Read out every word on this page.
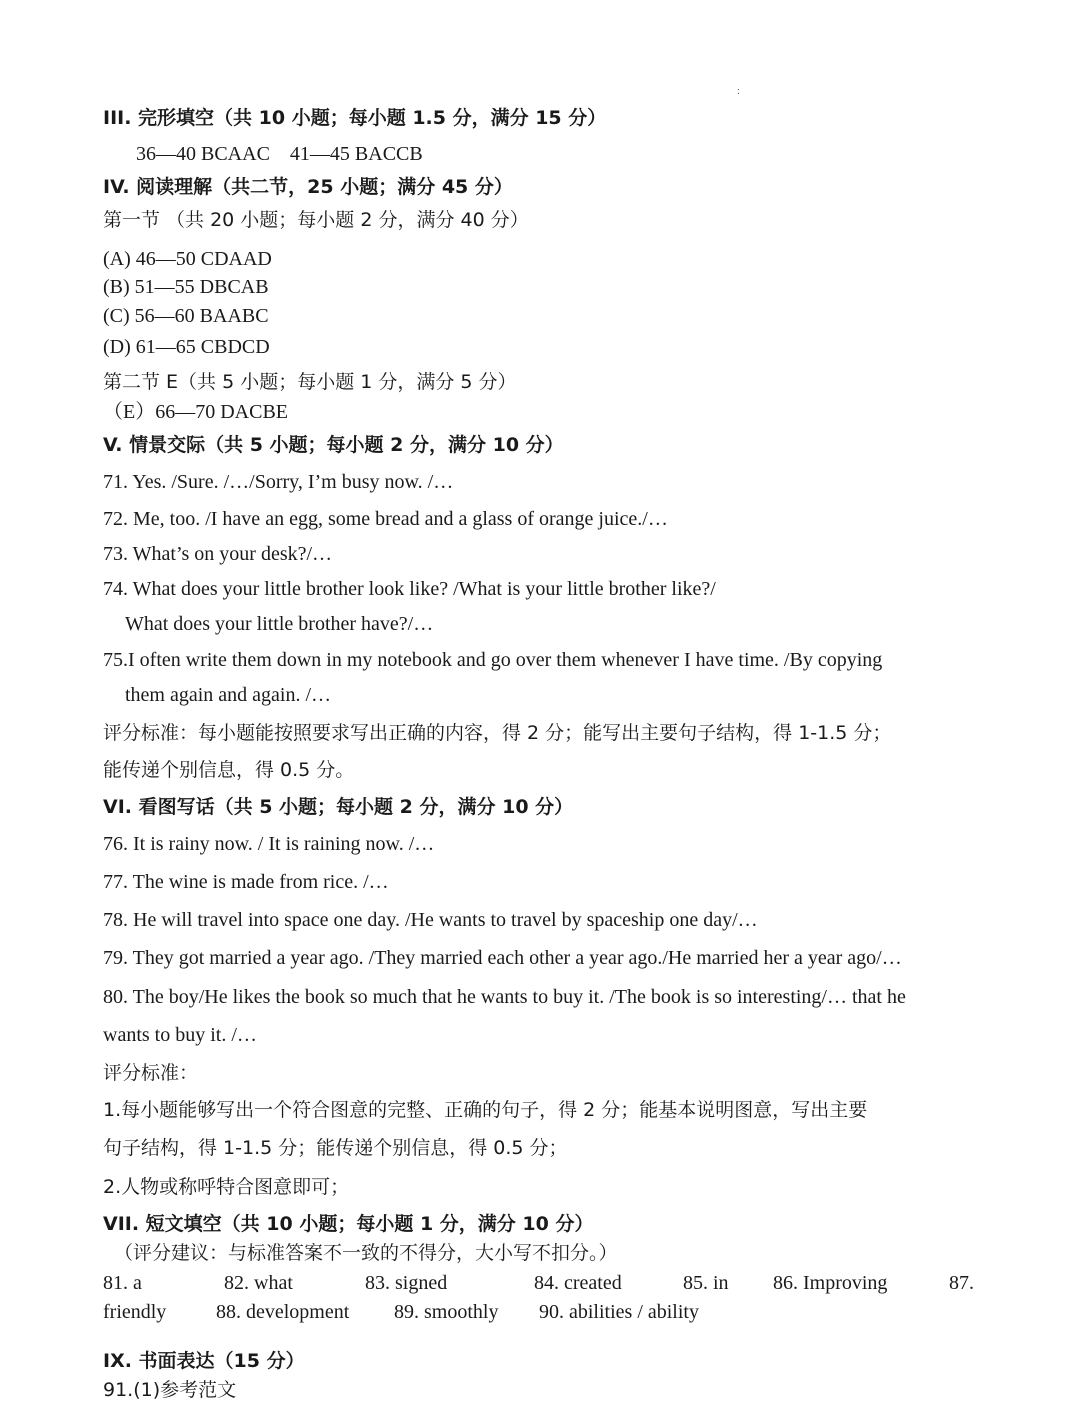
:
III. 完形填空（共 10 小题；每小题 1.5 分，满分 15 分）
36—40 BCAAC    41—45 BACCB
IV. 阅读理解（共二节，25 小题；满分 45 分）
第一节 （共 20 小题；每小题 2 分，满分 40 分）
(A) 46—50 CDAAD
(B) 51—55 DBCAB
(C) 56—60 BAABC
(D) 61—65 CBDCD
第二节 E（共 5 小题；每小题 1 分，满分 5 分）
（E）66—70 DACBE
V. 情景交际（共 5 小题；每小题 2 分，满分 10 分）
71. Yes. /Sure. /…/Sorry, I’m busy now. /…
72. Me, too. /I have an egg, some bread and a glass of orange juice./…
73. What’s on your desk?/…
74. What does your little brother look like? /What is your little brother like?/
What does your little brother have?/…
75.I often write them down in my notebook and go over them whenever I have time. /By copying
them again and again. /…
评分标准：每小题能按照要求写出正确的内容，得 2 分；能写出主要句子结构，得 1-1.5 分；
能传递个别信息，得 0.5 分。
VI. 看图写话（共 5 小题；每小题 2 分，满分 10 分）
76. It is rainy now. / It is raining now. /…
77. The wine is made from rice. /…
78. He will travel into space one day. /He wants to travel by spaceship one day/…
79. They got married a year ago. /They married each other a year ago./He married her a year ago/…
80. The boy/He likes the book so much that he wants to buy it. /The book is so interesting/… that he
wants to buy it. /…
评分标准：
1.每小题能够写出一个符合图意的完整、正确的句子，得 2 分；能基本说明图意，写出主要
句子结构，得 1-1.5 分；能传递个别信息，得 0.5 分；
2.人物或称呼特合图意即可；
VII. 短文填空（共 10 小题；每小题 1 分，满分 10 分）
（评分建议：与标准答案不一致的不得分，大小写不扣分。）
81. a	82. what	83. signed	84. created	85. in 86. Improving	87.
friendly 88. development 89. smoothly 90. abilities / ability
IX. 书面表达（15 分）
91.(1)参考范文
